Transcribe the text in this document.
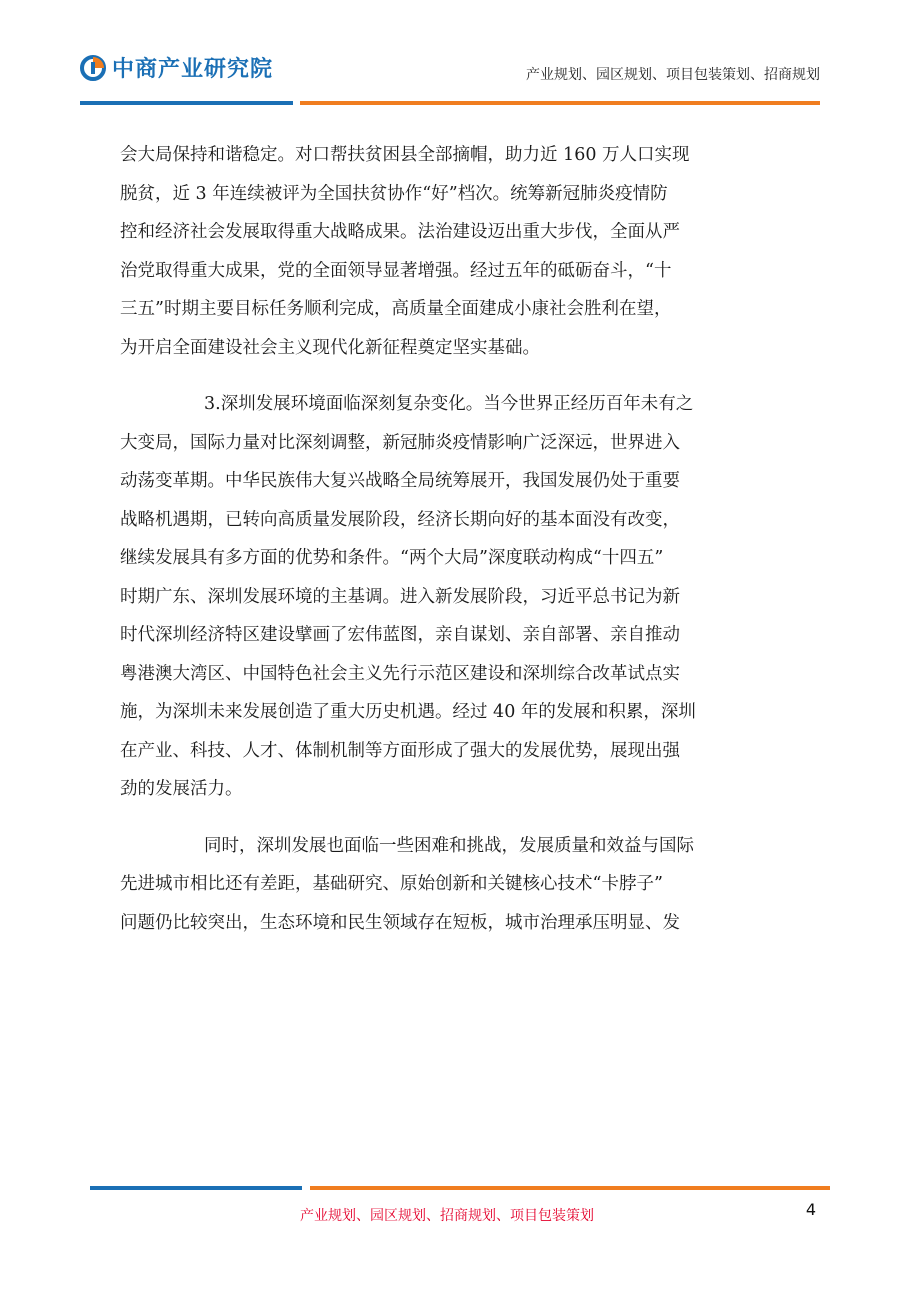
中商产业研究院	产业规划、园区规划、项目包装策划、招商规划

会大局保持和谐稳定。对口帮扶贫困县全部摘帽，助力近 160 万人口实现
脱贫，近 3 年连续被评为全国扶贫协作“好”档次。统筹新冠肺炎疫情防
控和经济社会发展取得重大战略成果。法治建设迈出重大步伐，全面从严
治党取得重大成果，党的全面领导显著增强。经过五年的砥砺奋斗，“十
三五”时期主要目标任务顺利完成，高质量全面建成小康社会胜利在望，
为开启全面建设社会主义现代化新征程奠定坚实基础。

3.深圳发展环境面临深刻复杂变化。当今世界正经历百年未有之
大变局，国际力量对比深刻调整，新冠肺炎疫情影响广泛深远，世界进入
动荡变革期。中华民族伟大复兴战略全局统筹展开，我国发展仍处于重要
战略机遇期，已转向高质量发展阶段，经济长期向好的基本面没有改变，
继续发展具有多方面的优势和条件。“两个大局”深度联动构成“十四五”
时期广东、深圳发展环境的主基调。进入新发展阶段，习近平总书记为新
时代深圳经济特区建设擘画了宏伟蓝图，亲自谋划、亲自部署、亲自推动
粤港澳大湾区、中国特色社会主义先行示范区建设和深圳综合改革试点实
施，为深圳未来发展创造了重大历史机遇。经过 40 年的发展和积累，深圳
在产业、科技、人才、体制机制等方面形成了强大的发展优势，展现出强
劲的发展活力。

同时，深圳发展也面临一些困难和挑战，发展质量和效益与国际
先进城市相比还有差距，基础研究、原始创新和关键核心技术“卡脖子”
问题仍比较突出，生态环境和民生领域存在短板，城市治理承压明显、发

产业规划、园区规划、招商规划、项目包装策划	4
